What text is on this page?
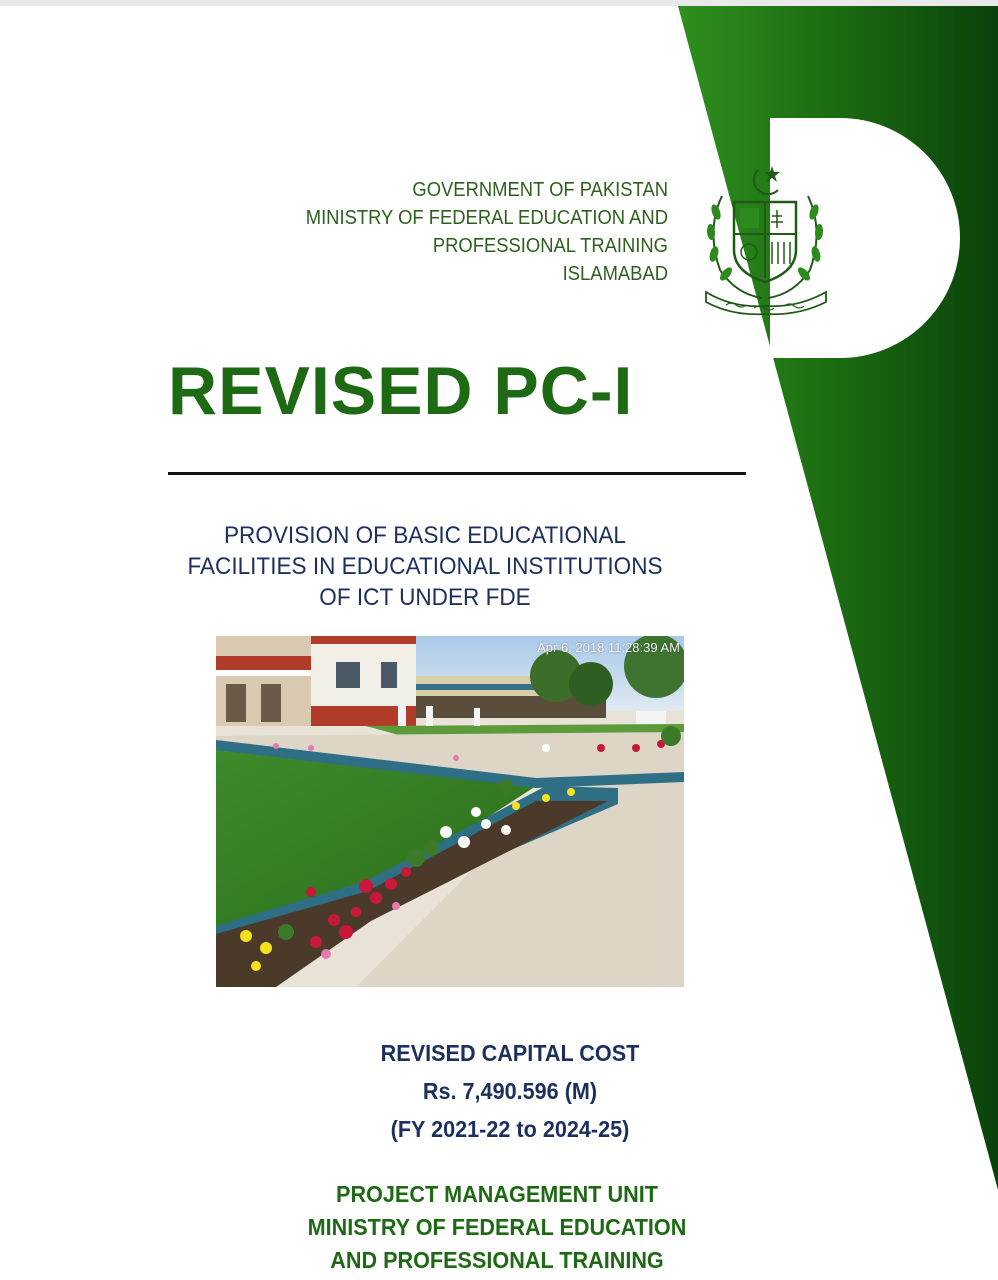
GOVERNMENT OF PAKISTAN
MINISTRY OF FEDERAL EDUCATION AND
PROFESSIONAL TRAINING
ISLAMABAD
REVISED PC-I
PROVISION OF BASIC EDUCATIONAL
FACILITIES IN EDUCATIONAL INSTITUTIONS
OF ICT UNDER FDE
Apr 6, 2018 11:28:39 AM
REVISED CAPITAL COST
Rs. 7,490.596 (M)
(FY 2021-22 to 2024-25)
PROJECT MANAGEMENT UNIT
MINISTRY OF FEDERAL EDUCATION
AND PROFESSIONAL TRAINING
